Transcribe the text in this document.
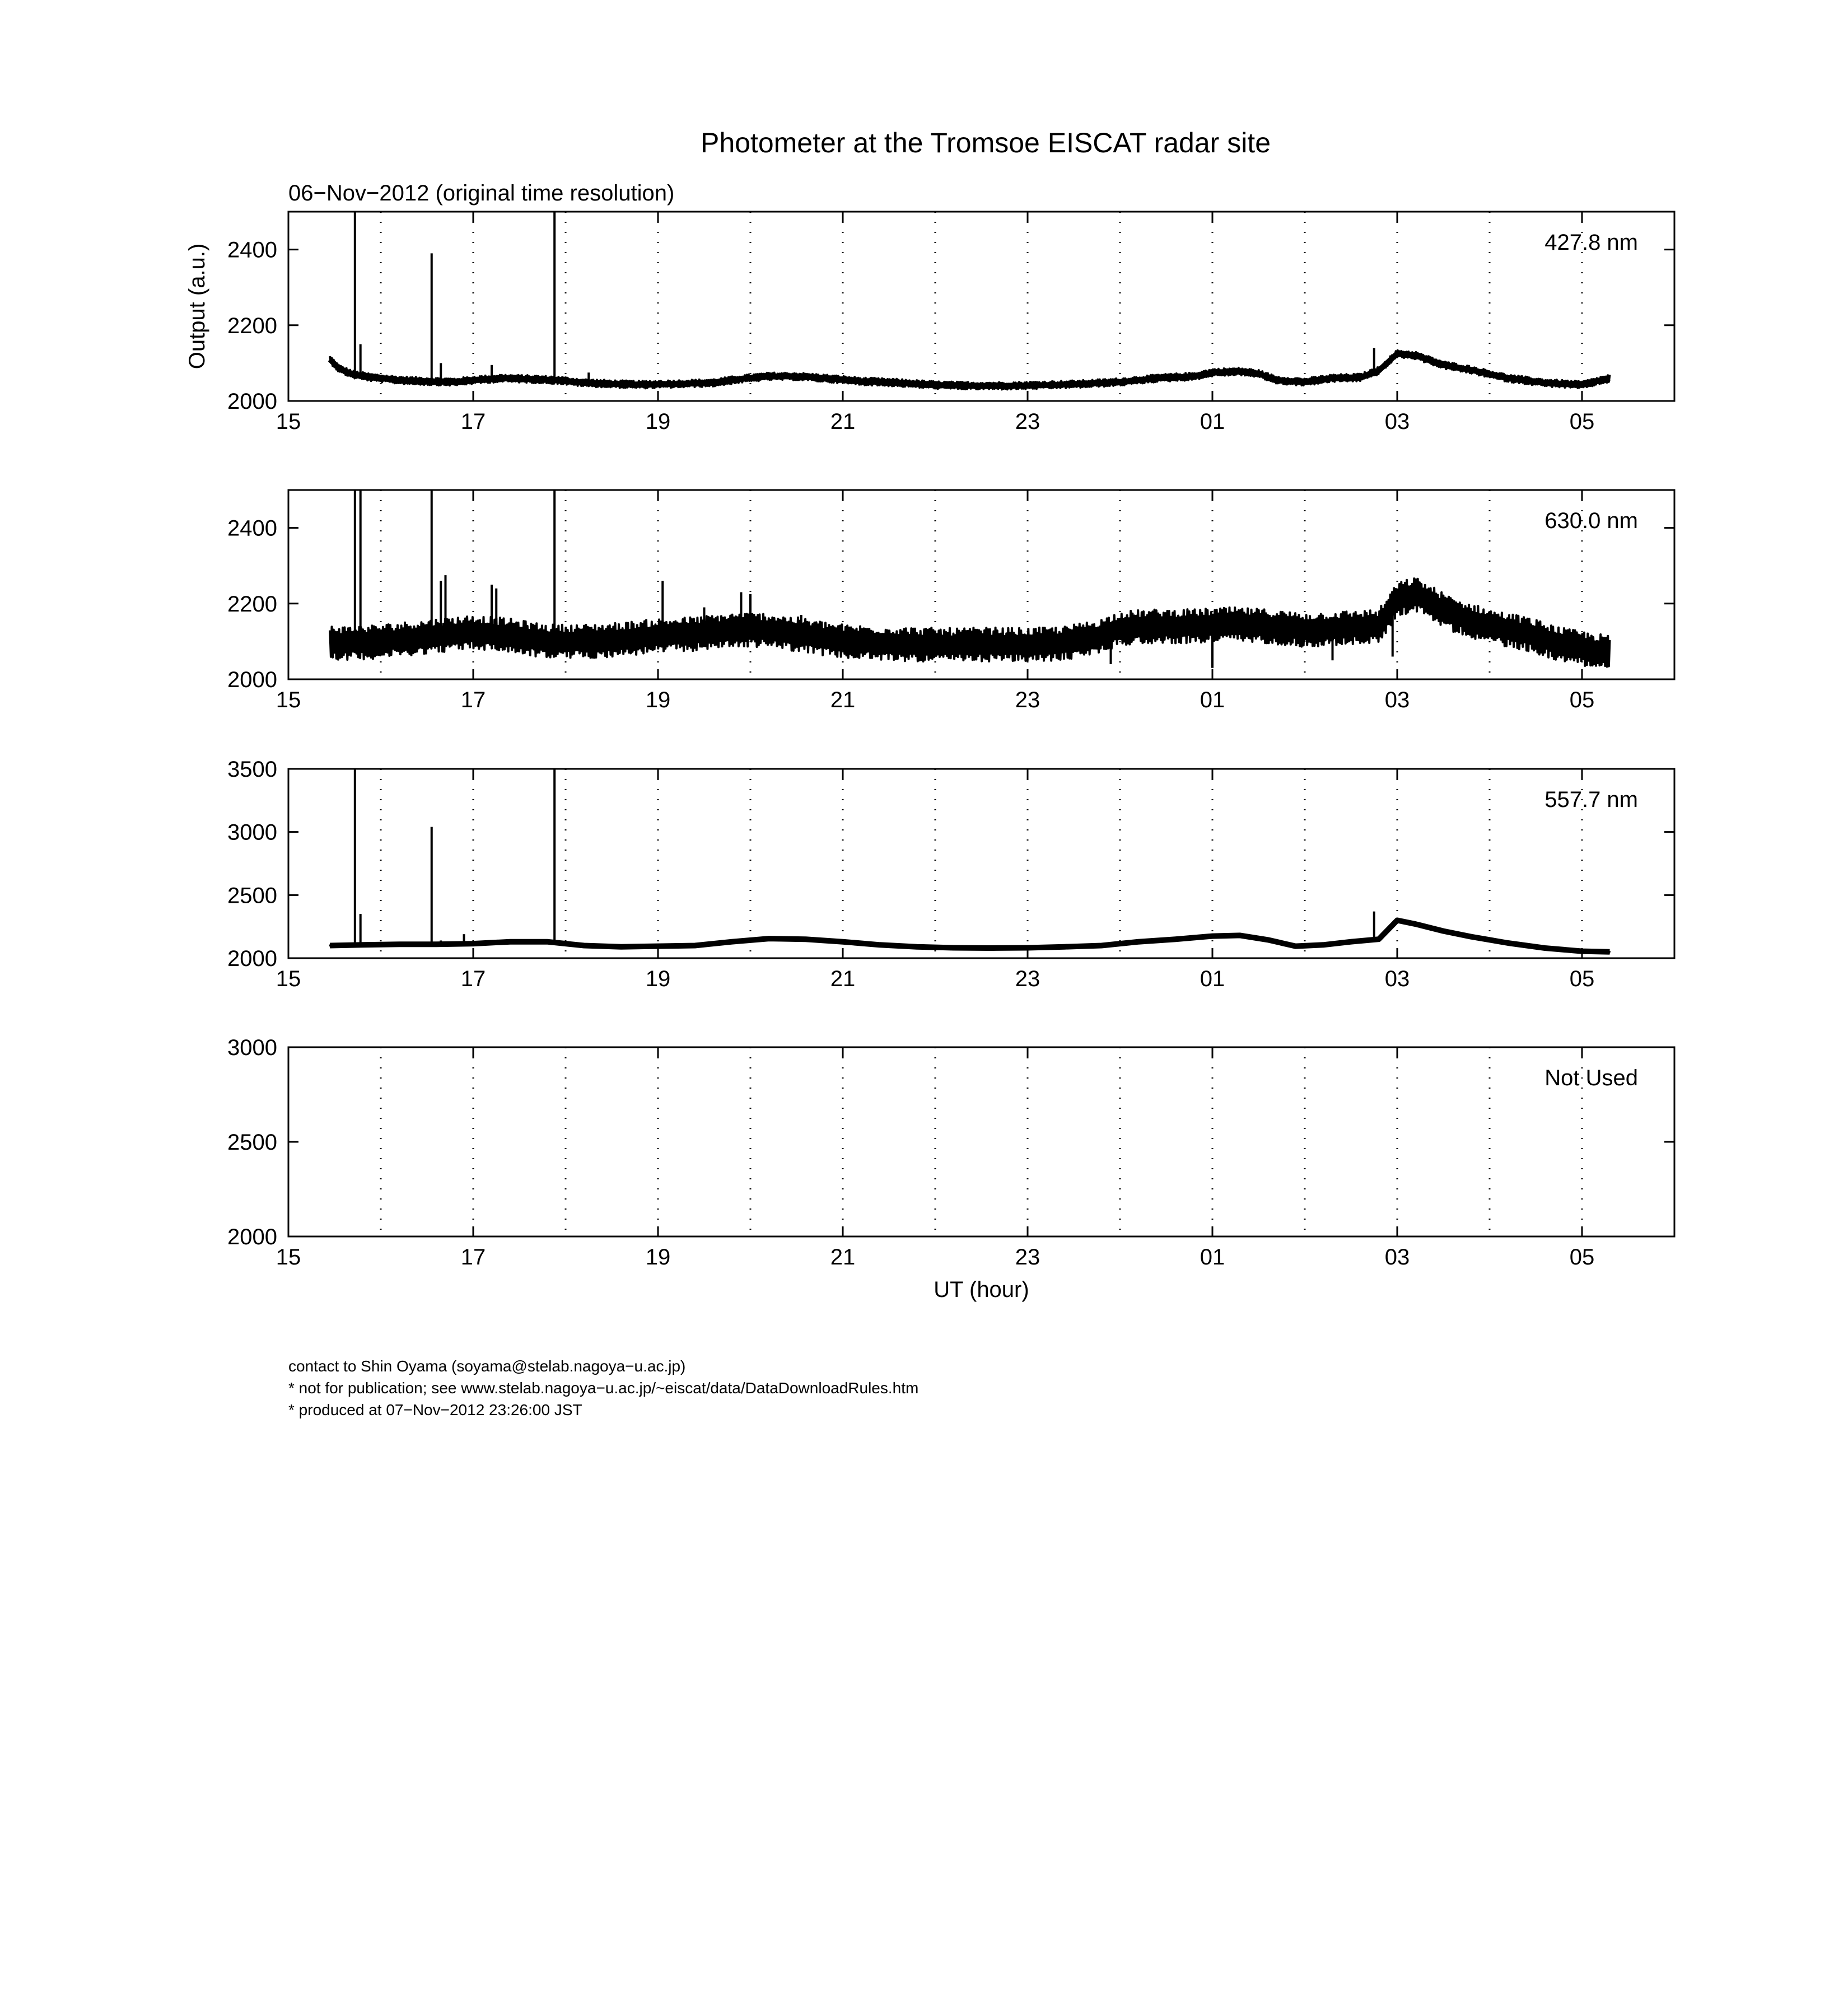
Photometer at the Tromsoe EISCAT radar site
06−Nov−2012 (original time resolution)
15	17	19	21	23	01	03	05
2000
2200
2400	427.8 nm
Output (a.u.)
15	17	19	21	23	01	03	05
2000
2200
2400	630.0 nm
15	17	19	21	23	01	03	05
2000
2500
3000
3500
557.7 nm
15	17	19	21	23	01	03	05
2000
2500
3000
Not Used
UT (hour)
contact to Shin Oyama (soyama@stelab.nagoya−u.ac.jp)
* not for publication; see www.stelab.nagoya−u.ac.jp/~eiscat/data/DataDownloadRules.htm
* produced at 07−Nov−2012 23:26:00 JST
